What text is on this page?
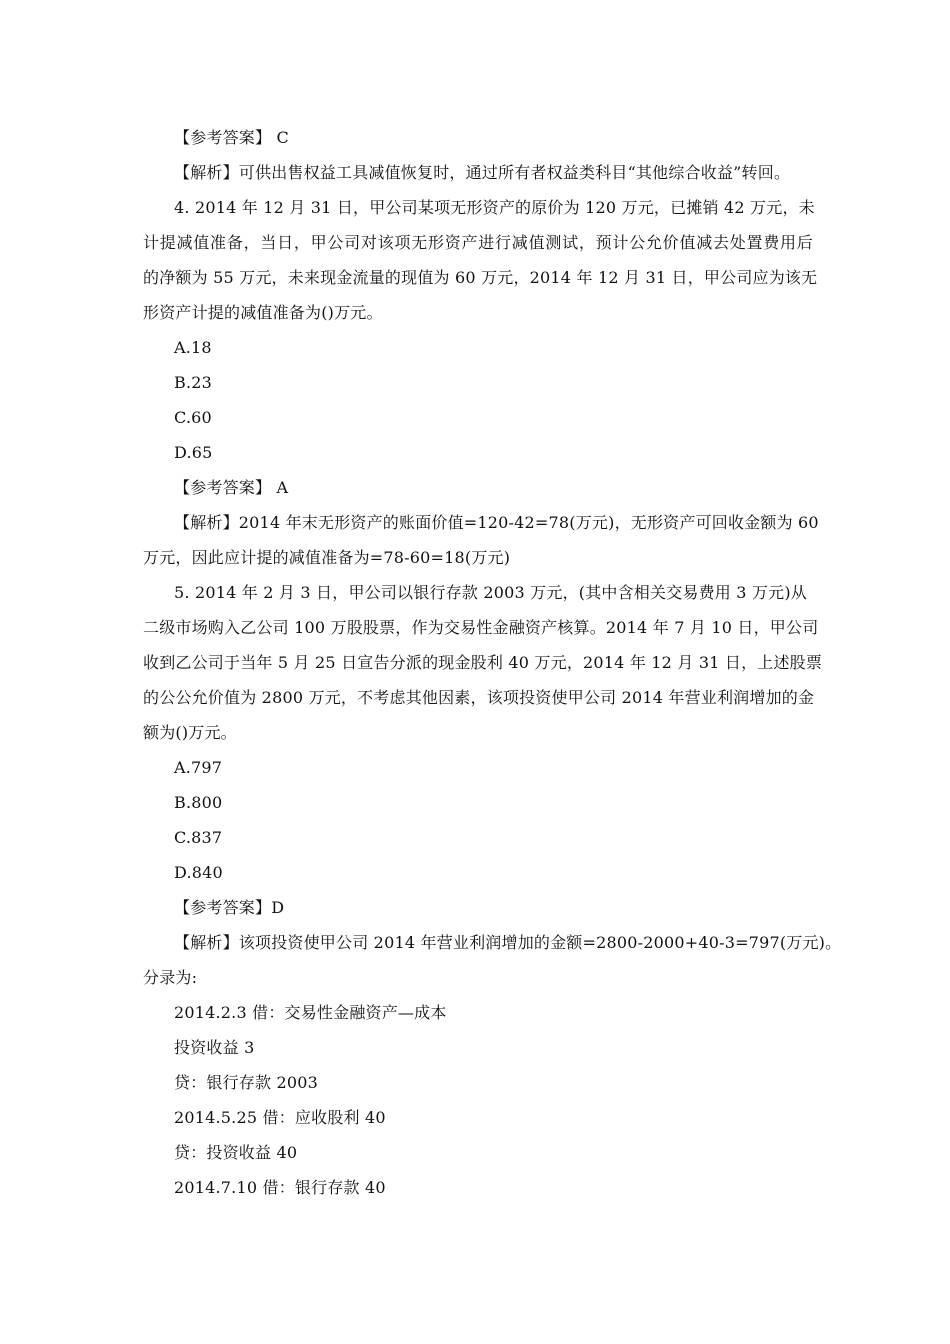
【参考答案】 C
【解析】可供出售权益工具减值恢复时，通过所有者权益类科目“其他综合收益”转回。
4. 2014 年 12 月 31 日，甲公司某项无形资产的原价为 120 万元，已摊销 42 万元，未
计提减值准备，当日，甲公司对该项无形资产进行减值测试，预计公允价值减去处置费用后
的净额为 55 万元，未来现金流量的现值为 60 万元，2014 年 12 月 31 日，甲公司应为该无
形资产计提的减值准备为()万元。
A.18
B.23
C.60
D.65
【参考答案】 A
【解析】2014 年末无形资产的账面价值=120-42=78(万元)，无形资产可回收金额为 60
万元，因此应计提的减值准备为=78-60=18(万元)
5. 2014 年 2 月 3 日，甲公司以银行存款 2003 万元，(其中含相关交易费用 3 万元)从
二级市场购入乙公司 100 万股股票，作为交易性金融资产核算。2014 年 7 月 10 日，甲公司
收到乙公司于当年 5 月 25 日宣告分派的现金股利 40 万元，2014 年 12 月 31 日，上述股票
的公公允价值为 2800 万元，不考虑其他因素，该项投资使甲公司 2014 年营业利润增加的金
额为()万元。
A.797
B.800
C.837
D.840
【参考答案】D
【解析】该项投资使甲公司 2014 年营业利润增加的金额=2800-2000+40-3=797(万元)。
分录为:
2014.2.3 借：交易性金融资产—成本
投资收益 3
贷：银行存款 2003
2014.5.25 借：应收股利 40
贷：投资收益 40
2014.7.10 借：银行存款 40
